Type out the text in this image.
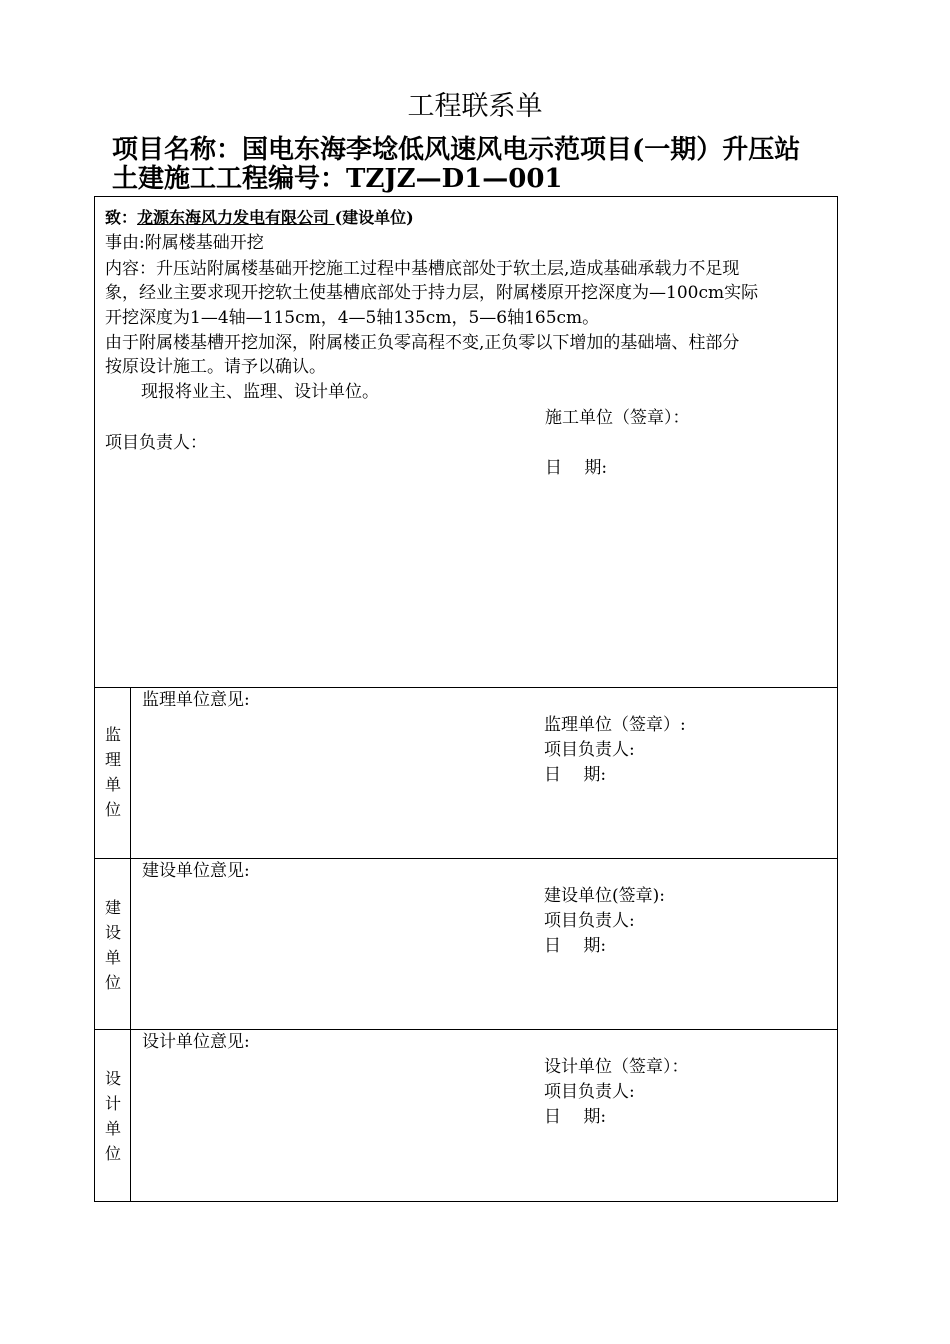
工程联系单
项目名称：国电东海李埝低风速风电示范项目(一期）升压站
土建施工工程编号：TZJZ—D1—001
致：龙源东海风力发电有限公司 (建设单位)
事由:附属楼基础开挖
内容：升压站附属楼基础开挖施工过程中基槽底部处于软土层,造成基础承载力不足现
象，经业主要求现开挖软土使基槽底部处于持力层，附属楼原开挖深度为—100cm实际
开挖深度为1—4轴—115cm，4—5轴135cm，5—6轴165cm。
由于附属楼基槽开挖加深，附属楼正负零高程不变,正负零以下增加的基础墙、柱部分
按原设计施工。请予以确认。
现报将业主、监理、设计单位。
施工单位（签章）：
项目负责人：
日　 期:
监
理
单
位
监理单位意见:
监理单位（签章）:
项目负责人:
日　 期:
建
设
单
位
建设单位意见:
建设单位(签章):
项目负责人:
日　 期:
设
计
单
位
设计单位意见:
设计单位（签章）：
项目负责人:
日　 期:
